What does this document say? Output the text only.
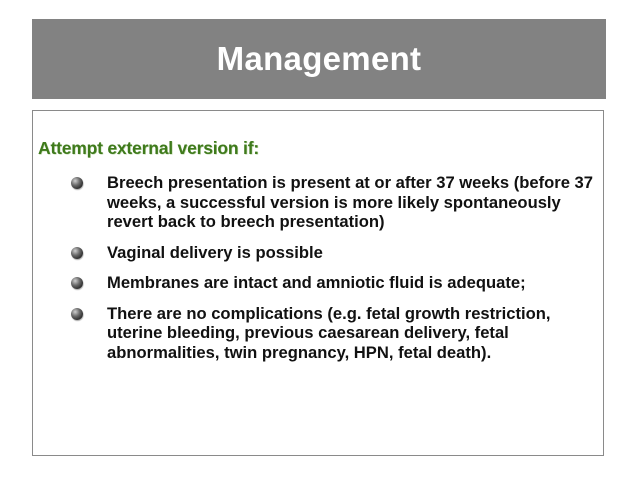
Management
Attempt external version if:
Breech presentation is present at or after 37 weeks (before 37 weeks, a successful version is more likely spontaneously revert back to breech presentation)
Vaginal delivery is possible
Membranes are intact and amniotic fluid is adequate;
There are no complications (e.g. fetal growth restriction, uterine bleeding, previous caesarean delivery, fetal abnormalities, twin pregnancy, HPN, fetal death).
